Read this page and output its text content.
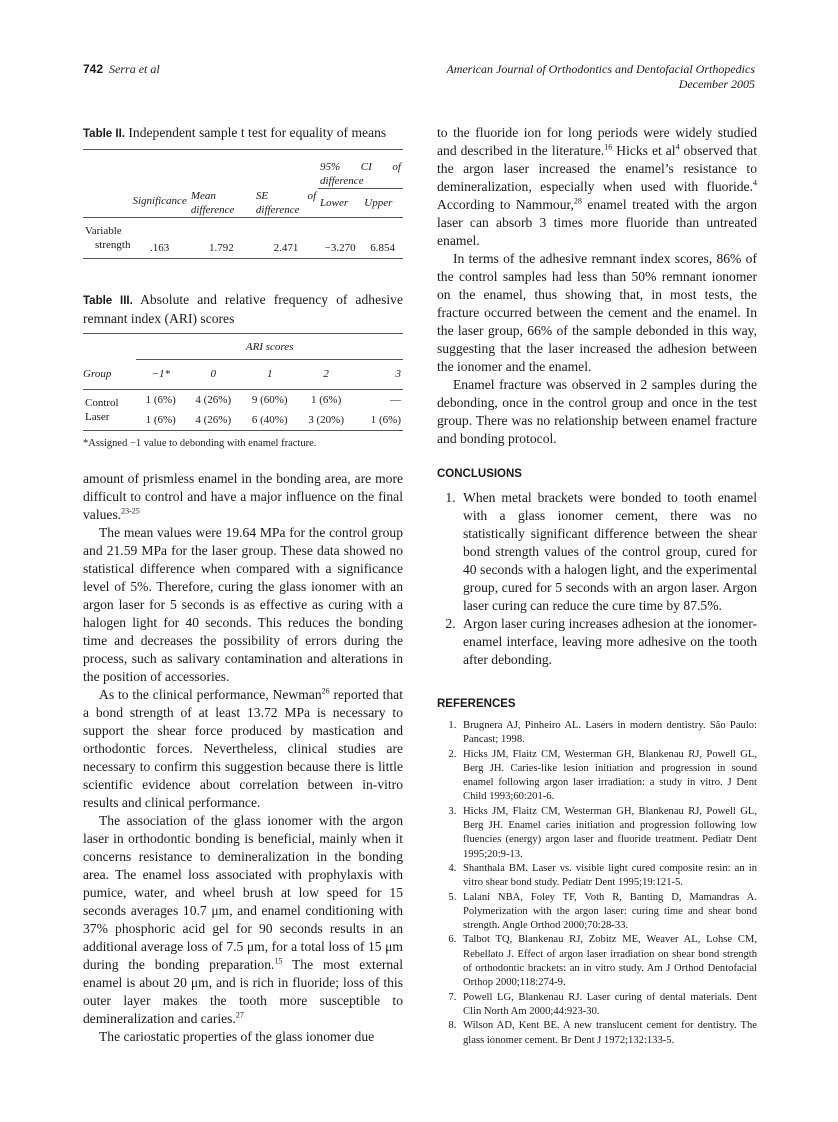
742 Serra et al	American Journal of Orthodontics and Dentofacial Orthopedics
December 2005
Table II. Independent sample t test for equality of means
				95% CI of difference	
	Significance	Mean difference	SE of difference	Lower	Upper
Variable					
strength	.163	1.792	2.471	−3.270	6.854

Table III. Absolute and relative frequency of adhesive remnant index (ARI) scores
	ARI scores				
Group	−1*	0	1	2	3
Control	1 (6%)	4 (26%)	9 (60%)	1 (6%)	—
Laser	1 (6%)	4 (26%)	6 (40%)	3 (20%)	1 (6%)

*Assigned −1 value to debonding with enamel fracture.

amount of prismless enamel in the bonding area, are more difficult to control and have a major influence on the final values.$^{23-25}$

The mean values were 19.64 MPa for the control group and 21.59 MPa for the laser group. These data showed no statistical difference when compared with a significance level of 5%. Therefore, curing the glass ionomer with an argon laser for 5 seconds is as effective as curing with a halogen light for 40 seconds. This reduces the bonding time and decreases the possibility of errors during the process, such as salivary contamination and alterations in the position of accessories.

As to the clinical performance, Newman$^{26}$ reported that a bond strength of at least 13.72 MPa is necessary to support the shear force produced by mastication and orthodontic forces. Nevertheless, clinical studies are necessary to confirm this suggestion because there is little scientific evidence about correlation between in-vitro results and clinical performance.

The association of the glass ionomer with the argon laser in orthodontic bonding is beneficial, mainly when it concerns resistance to demineralization in the bonding area. The enamel loss associated with prophylaxis with pumice, water, and wheel brush at low speed for 15 seconds averages 10.7 μm, and enamel conditioning with 37% phosphoric acid gel for 90 seconds results in an additional average loss of 7.5 μm, for a total loss of 15 μm during the bonding preparation.$^{15}$ The most external enamel is about 20 μm, and is rich in fluoride; loss of this outer layer makes the tooth more susceptible to demineralization and caries.$^{27}$

The cariostatic properties of the glass ionomer due

to the fluoride ion for long periods were widely studied and described in the literature.$^{16}$ Hicks et $al^4$ observed that the argon laser increased the enamel’s resistance to demineralization, especially when used with fluoride.$^4$ According to Nammour,$^{28}$ enamel treated with the argon laser can absorb 3 times more fluoride than untreated enamel.

In terms of the adhesive remnant index scores, 86% of the control samples had less than 50% remnant ionomer on the enamel, thus showing that, in most tests, the fracture occurred between the cement and the enamel. In the laser group, 66% of the sample debonded in this way, suggesting that the laser increased the adhesion between the ionomer and the enamel.

Enamel fracture was observed in 2 samples during the debonding, once in the control group and once in the test group. There was no relationship between enamel fracture and bonding protocol.

CONCLUSIONS
1. When metal brackets were bonded to tooth enamel with a glass ionomer cement, there was no statistically significant difference between the shear bond strength values of the control group, cured for 40 seconds with a halogen light, and the experimental group, cured for 5 seconds with an argon laser. Argon laser curing can reduce the cure time by 87.5%.
2. Argon laser curing increases adhesion at the ionomer-enamel interface, leaving more adhesive on the tooth after debonding.
REFERENCES
1. Brugnera AJ, Pinheiro AL. Lasers in modern dentistry. São Paulo: Pancast; 1998.
2. Hicks JM, Flaitz CM, Westerman GH, Blankenau RJ, Powell GL, Berg JH. Caries-like lesion initiation and progression in sound enamel following argon laser irradiation: a study in vitro. J Dent Child 1993;60:201-6.
3. Hicks JM, Flaitz CM, Westerman GH, Blankenau RJ, Powell GL, Berg JH. Enamel caries initiation and progression following low fluencies (energy) argon laser and fluoride treatment. Pediatr Dent 1995;20:9-13.
4. Shanthala BM. Laser vs. visible light cured composite resin: an in vitro shear bond study. Pediatr Dent 1995;19:121-5.
5. Lalani NBA, Foley TF, Voth R, Banting D, Mamandras A. Polymerization with the argon laser: curing time and shear bond strength. Angle Orthod 2000;70:28-33.
6. Talbot TQ, Blankenau RJ, Zobitz ME, Weaver AL, Lohse CM, Rebellato J. Effect of argon laser irradiation on shear bond strength of orthodontic brackets: an in vitro study. Am J Orthod Dentofacial Orthop 2000;118:274-9.
7. Powell LG, Blankenau RJ. Laser curing of dental materials. Dent Clin North Am 2000;44:923-30.
8. Wilson AD, Kent BE. A new translucent cement for dentistry. The glass ionomer cement. Br Dent J 1972;132:133-5.
